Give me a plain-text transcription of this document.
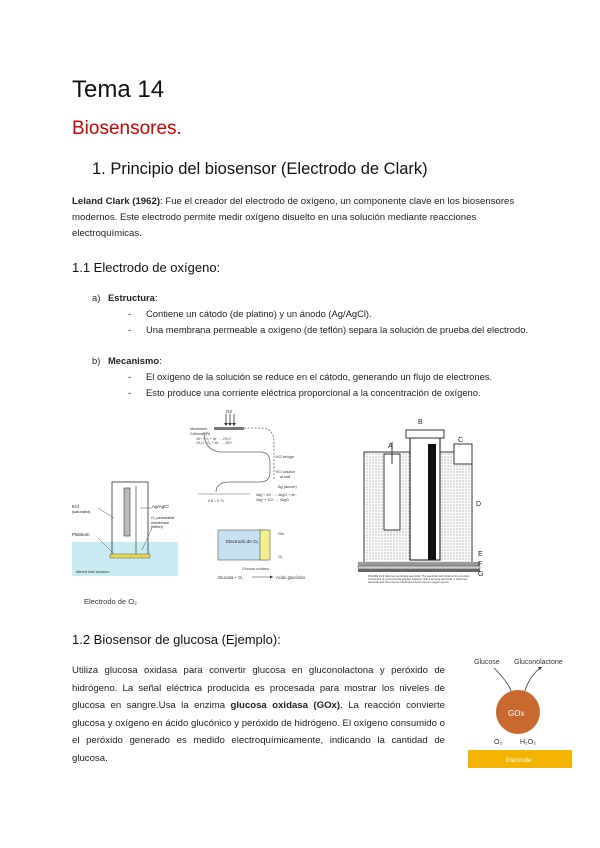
Tema 14
Biosensores.
1. Principio del biosensor (Electrodo de Clark)
Leland Clark (1962): Fue el creador del electrodo de oxígeno, un componente clave en los biosensores modernos. Este electrodo permite medir oxígeno disuelto en una solución mediante reacciones electroquímicas.
1.1 Electrodo de oxígeno:
a) Estructura:
- Contiene un cátodo (de platino) y un ánodo (Ag/AgCl).
- Una membrana permeable a oxígeno (de teflón) separa la solución de prueba del electrodo.
b) Mecanismo:
- El oxígeno de la solución se reduce en el cátodo, generando un flujo de electrones.
- Esto produce una corriente eléctrica proporcional a la concentración de oxígeno.
KCl
(saturated)
Ag/AgCl
O₂ permeable membrane (teflon)
Platinum
stirred test solution
Electrodo de O₂
O2
Membrane
Cathode (Pt)
4H⁺ + O₂ + 4e⁻ → 2H₂O
2H₂O + O₂ + 4e⁻ → 4OH⁻
KCl bridge
KCl solution
at wall
Ag (anode)
4Ag + 4Cl⁻ → 4AgCl + 4e⁻
4Ag⁺ + 4Cl⁻ → 4AgCl
0.6 – 0.7v
Electrodo de O₂
Glu
O₂
Glucosa oxidasa
Glucosa + O₂	Ácido glucónico
A
B
C
D
E
F
G
FIGURE 13.2 Glucose membrane electrode. The electrode cell shown is the principal component of a commercial glucose analyzer, with a sensing electrode, a reference electrode and the enzyme membrane bound over an oxygen sensor.
1.2 Biosensor de glucosa (Ejemplo):
Utiliza glucosa oxidasa para convertir glucosa en gluconolactona y peróxido de hidrógeno. La señal eléctrica producida es procesada para mostrar los niveles de glucosa en sangre.Usa la enzima glucosa oxidasa (GOx). La reacción convierte glucosa y oxígeno en ácido glucónico y peróxido de hidrógeno. El oxígeno consumido o el peróxido generado es medido electroquímicamente, indicando la cantidad de glucosa.
Glucose Gluconolactone
GOx
O₂	H₂O₂
Electrode
